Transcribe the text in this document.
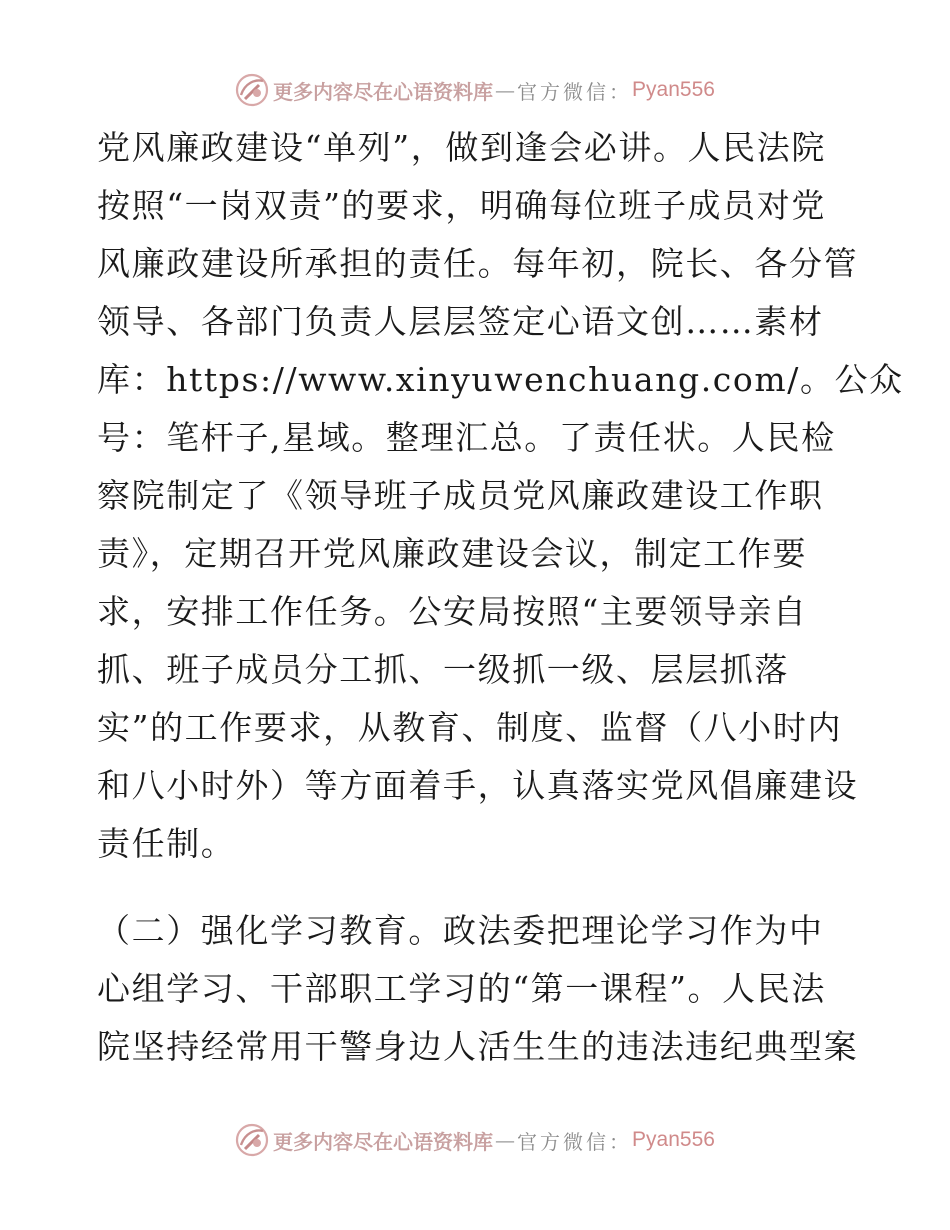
更多内容尽在心语资料库 — 官方微信： Pyan556
党风廉政建设“单列”，做到逢会必讲。人民法院
按照“一岗双责”的要求，明确每位班子成员对党
风廉政建设所承担的责任。每年初，院长、各分管
领导、各部门负责人层层签定心语文创……素材
库：https://www.xinyuwenchuang.com/。公众
号：笔杆子,星域。整理汇总。了责任状。人民检
察院制定了《领导班子成员党风廉政建设工作职
责》，定期召开党风廉政建设会议，制定工作要
求，安排工作任务。公安局按照“主要领导亲自
抓、班子成员分工抓、一级抓一级、层层抓落
实”的工作要求，从教育、制度、监督（八小时内
和八小时外）等方面着手，认真落实党风倡廉建设
责任制。
（二）强化学习教育。政法委把理论学习作为中
心组学习、干部职工学习的“第一课程”。人民法
院坚持经常用干警身边人活生生的违法违纪典型案
更多内容尽在心语资料库 — 官方微信： Pyan556
